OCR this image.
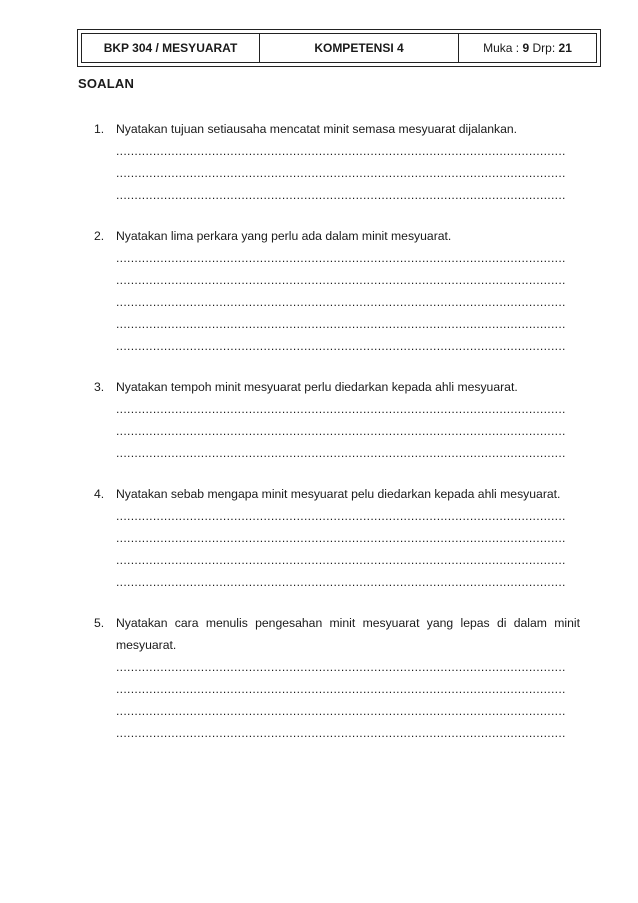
BKP 304 / MESYUARAT	KOMPETENSI 4	Muka :
9
Drp:
21
SOALAN
1. Nyatakan tujuan setiausaha mencatat minit semasa mesyuarat dijalankan.
..........................................................................................................................
..........................................................................................................................
..........................................................................................................................
2. Nyatakan lima perkara yang perlu ada dalam minit mesyuarat.
..........................................................................................................................
..........................................................................................................................
..........................................................................................................................
..........................................................................................................................
..........................................................................................................................
3. Nyatakan tempoh minit mesyuarat perlu diedarkan kepada ahli mesyuarat.
..........................................................................................................................
..........................................................................................................................
..........................................................................................................................
4. Nyatakan sebab mengapa minit mesyuarat pelu diedarkan kepada ahli mesyuarat.
..........................................................................................................................
..........................................................................................................................
..........................................................................................................................
..........................................................................................................................
5. Nyatakan cara menulis pengesahan minit mesyuarat yang lepas di dalam minit mesyuarat.
..........................................................................................................................
..........................................................................................................................
..........................................................................................................................
..........................................................................................................................
